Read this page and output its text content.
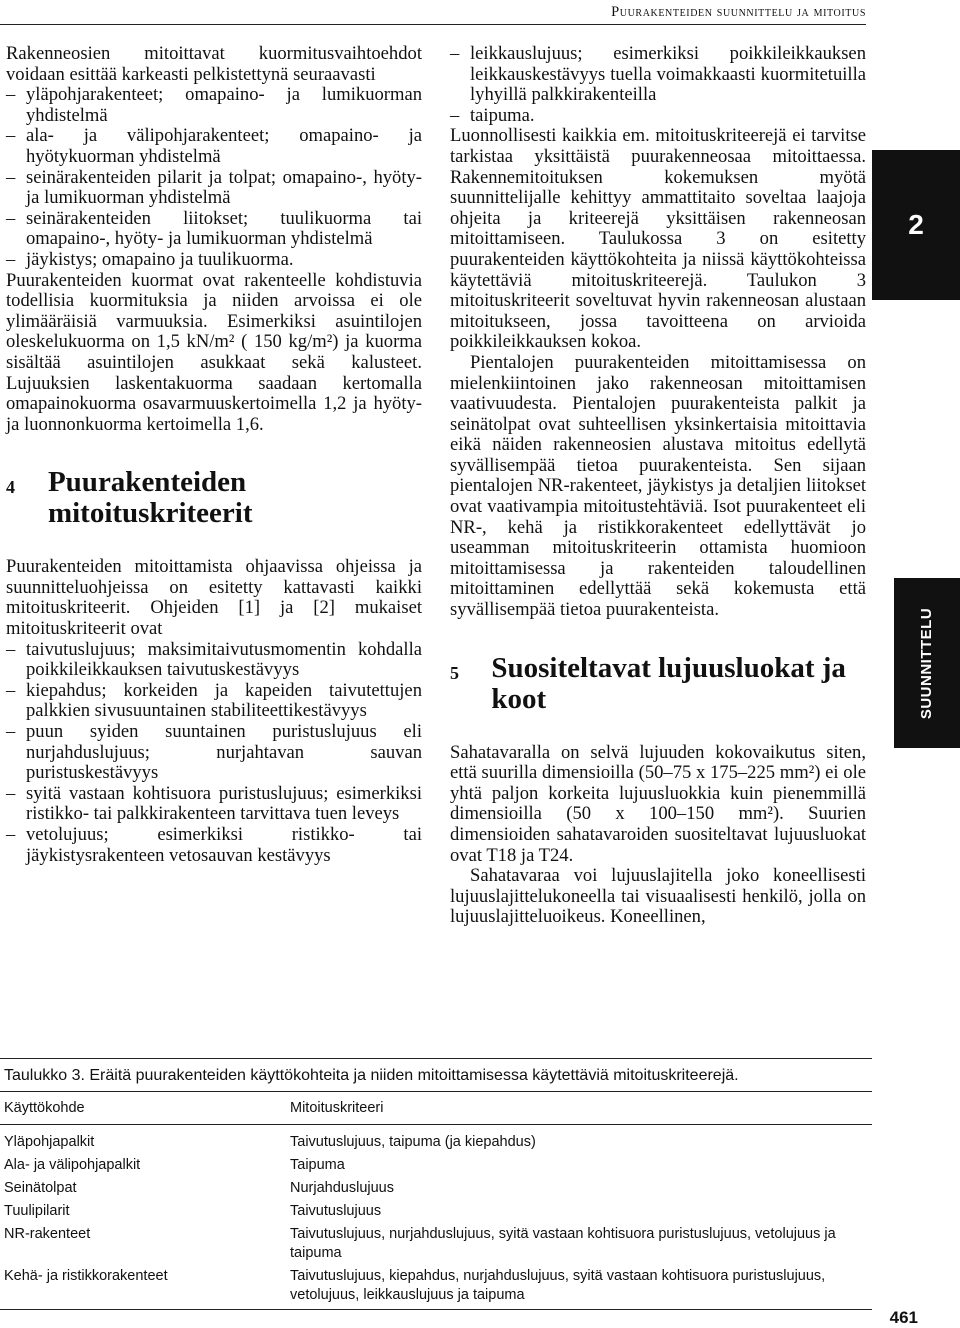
Puurakenteiden suunnittelu ja mitoitus
2
SUUNNITTELU

Rakenneosien mitoittavat kuormitusvaihtoehdot voidaan esittää karkeasti pelkistettynä seuraavasti

– yläpohjarakenteet; omapaino- ja lumikuorman yhdistelmä
– ala- ja välipohjarakenteet; omapaino- ja hyötykuorman yhdistelmä
– seinärakenteiden pilarit ja tolpat; omapaino-, hyöty- ja lumikuorman yhdistelmä
– seinärakenteiden liitokset; tuulikuorma tai omapaino-, hyöty- ja lumikuorman yhdistelmä
– jäykistys; omapaino ja tuulikuorma.

Puurakenteiden kuormat ovat rakenteelle kohdistuvia todellisia kuormituksia ja niiden arvoissa ei ole ylimääräisiä varmuuksia. Esimerkiksi asuintilojen oleskelukuorma on 1,5 kN/m² ( 150 kg/m²) ja kuorma sisältää asuintilojen asukkaat sekä kalusteet. Lujuuksien laskentakuorma saadaan kertomalla omapainokuorma osavarmuuskertoimella 1,2 ja hyöty- ja luonnonkuorma kertoimella 1,6.

4	Puurakenteiden mitoituskriteerit

Puurakenteiden mitoittamista ohjaavissa ohjeissa ja suunnitteluohjeissa on esitetty kattavasti kaikki mitoituskriteerit. Ohjeiden [1] ja [2] mukaiset mitoituskriteerit ovat

– taivutuslujuus; maksimitaivutusmomentin kohdalla poikkileikkauksen taivutuskestävyys
– kiepahdus; korkeiden ja kapeiden taivutettujen palkkien sivusuuntainen stabiliteettikestävyys
– puun syiden suuntainen puristuslujuus eli nurjahduslujuus; nurjahtavan sauvan puristuskestävyys
– syitä vastaan kohtisuora puristuslujuus; esimerkiksi ristikko- tai palkkirakenteen tarvittava tuen leveys
– vetolujuus; esimerkiksi ristikko- tai jäykistysrakenteen vetosauvan kestävyys
– leikkauslujuus; esimerkiksi poikkileikkauksen leikkauskestävyys tuella voimakkaasti kuormitetuilla lyhyillä palkkirakenteilla
– taipuma.

Luonnollisesti kaikkia em. mitoituskriteerejä ei tarvitse tarkistaa yksittäistä puurakenneosaa mitoittaessa. Rakennemitoituksen kokemuksen myötä suunnittelijalle kehittyy ammattitaito soveltaa laajoja ohjeita ja kriteerejä yksittäisen rakenneosan mitoittamiseen. Taulukossa 3 on esitetty puurakenteiden käyttökohteita ja niissä käyttökohteissa käytettäviä mitoituskriteerejä. Taulukon 3 mitoituskriteerit soveltuvat hyvin rakenneosan alustaan mitoitukseen, jossa tavoitteena on arvioida poikkileikkauksen kokoa.

Pientalojen puurakenteiden mitoittamisessa on mielenkiintoinen jako rakenneosan mitoittamisen vaativuudesta. Pientalojen puurakenteista palkit ja seinätolpat ovat suhteellisen yksinkertaisia mitoittavia eikä näiden rakenneosien alustava mitoitus edellytä syvällisempää tietoa puurakenteista. Sen sijaan pientalojen NR-rakenteet, jäykistys ja detaljien liitokset ovat vaativampia mitoitustehtäviä. Isot puurakenteet eli NR-, kehä ja ristikkorakenteet edellyttävät jo useamman mitoituskriteerin ottamista huomioon mitoittamisessa ja rakenteiden taloudellinen mitoittaminen edellyttää sekä kokemusta että syvällisempää tietoa puurakenteista.

5	Suositeltavat lujuusluokat ja koot

Sahatavaralla on selvä lujuuden kokovaikutus siten, että suurilla dimensioilla (50–75 x 175–225 mm²) ei ole yhtä paljon korkeita lujuusluokkia kuin pienemmillä dimensioilla (50 x 100–150 mm²). Suurien dimensioiden sahatavaroiden suositeltavat lujuusluokat ovat T18 ja T24.

Sahatavaraa voi lujuuslajitella joko koneellisesti lujuuslajittelukoneella tai visuaalisesti henkilö, jolla on lujuuslajitteluoikeus. Koneellinen,

Taulukko 3. Eräitä puurakenteiden käyttökohteita ja niiden mitoittamisessa käytettäviä mitoituskriteerejä.
Käyttökohde	Mitoituskriteeri
Yläpohjapalkit	Taivutuslujuus, taipuma (ja kiepahdus)
Ala- ja välipohjapalkit	Taipuma
Seinätolpat	Nurjahduslujuus
Tuulipilarit	Taivutuslujuus
NR-rakenteet	Taivutuslujuus, nurjahduslujuus, syitä vastaan kohtisuora puristuslujuus, vetolujuus ja taipuma
Kehä- ja ristikkorakenteet	Taivutuslujuus, kiepahdus, nurjahduslujuus, syitä vastaan kohtisuora puristuslujuus, vetolujuus, leikkauslujuus ja taipuma
461
